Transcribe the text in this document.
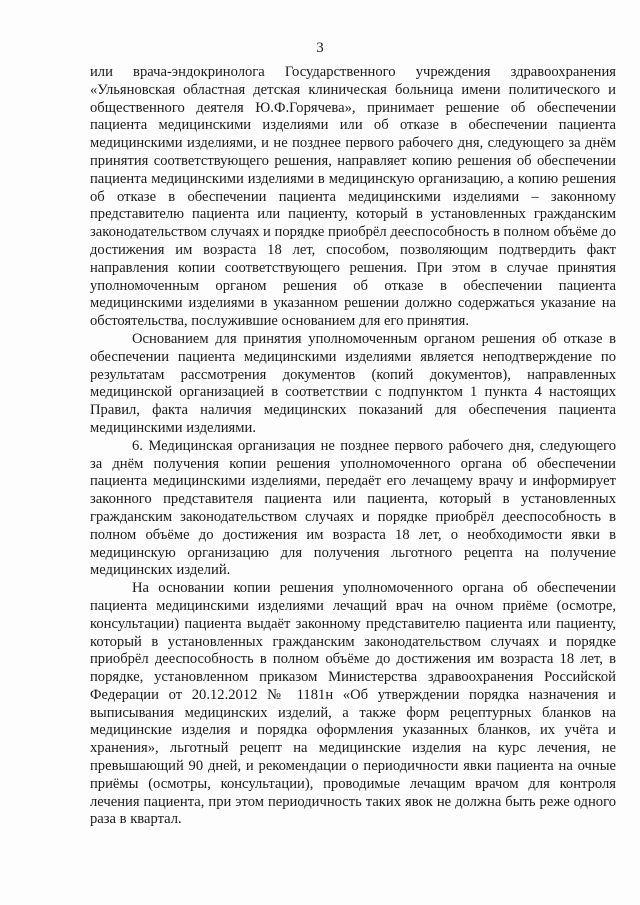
3

или врача-эндокринолога Государственного учреждения здравоохранения «Ульяновская областная детская клиническая больница имени политического и общественного деятеля Ю.Ф.Горячева», принимает решение об обеспечении пациента медицинскими изделиями или об отказе в обеспечении пациента медицинскими изделиями, и не позднее первого рабочего дня, следующего за днём принятия соответствующего решения, направляет копию решения об обеспечении пациента медицинскими изделиями в медицинскую организацию, а копию решения об отказе в обеспечении пациента медицинскими изделиями – законному представителю пациента или пациенту, который в установленных гражданским законодательством случаях и порядке приобрёл дееспособность в полном объёме до достижения им возраста 18 лет, способом, позволяющим подтвердить факт направления копии соответствующего решения. При этом в случае принятия уполномоченным органом решения об отказе в обеспечении пациента медицинскими изделиями в указанном решении должно содержаться указание на обстоятельства, послужившие основанием для его принятия.

Основанием для принятия уполномоченным органом решения об отказе в обеспечении пациента медицинскими изделиями является неподтверждение по результатам рассмотрения документов (копий документов), направленных медицинской организацией в соответствии с подпунктом 1 пункта 4 настоящих Правил, факта наличия медицинских показаний для обеспечения пациента медицинскими изделиями.

6. Медицинская организация не позднее первого рабочего дня, следующего за днём получения копии решения уполномоченного органа об обеспечении пациента медицинскими изделиями, передаёт его лечащему врачу и информирует законного представителя пациента или пациента, который в установленных гражданским законодательством случаях и порядке приобрёл дееспособность в полном объёме до достижения им возраста 18 лет, о необходимости явки в медицинскую организацию для получения льготного рецепта на получение медицинских изделий.

На основании копии решения уполномоченного органа об обеспечении пациента медицинскими изделиями лечащий врач на очном приёме (осмотре, консультации) пациента выдаёт законному представителю пациента или пациенту, который в установленных гражданским законодательством случаях и порядке приобрёл дееспособность в полном объёме до достижения им возраста 18 лет, в порядке, установленном приказом Министерства здравоохранения Российской Федерации от 20.12.2012 № 1181н «Об утверждении порядка назначения и выписывания медицинских изделий, а также форм рецептурных бланков на медицинские изделия и порядка оформления указанных бланков, их учёта и хранения», льготный рецепт на медицинские изделия на курс лечения, не превышающий 90 дней, и рекомендации о периодичности явки пациента на очные приёмы (осмотры, консультации), проводимые лечащим врачом для контроля лечения пациента, при этом периодичность таких явок не должна быть реже одного раза в квартал.
